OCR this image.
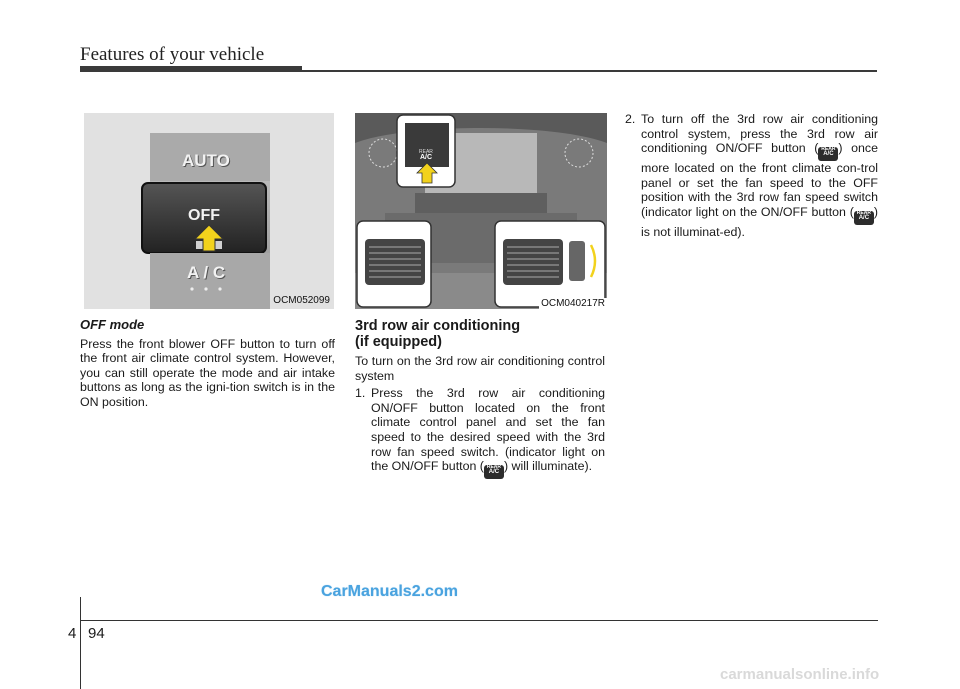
Features of your vehicle
AUTO
OFF
A / C
OCM052099
REAR
A/C
OCM040217R
OFF mode

Press the front blower OFF button to turn off the front air climate control system. However, you can still operate the mode and air intake buttons as long as the igni-tion switch is in the ON position.

3rd row air conditioning
(if equipped)

To turn on the 3rd row air conditioning control system

1. Press the 3rd row air conditioning ON/OFF button located on the front climate control panel and set the fan speed to the desired speed with the 3rd row fan speed switch. (indicator light on the ON/OFF button ( REAR
A/C ) will illuminate).
2. To turn off the 3rd row air conditioning control system, press the 3rd row air conditioning ON/OFF button ( REAR
A/C ) once more located on the front climate con-trol panel or set the fan speed to the OFF position with the 3rd row fan speed switch (indicator light on the ON/OFF button ( REAR
A/C ) is not illuminat-ed).
CarManuals2.com
4 94
carmanualsonline.info
